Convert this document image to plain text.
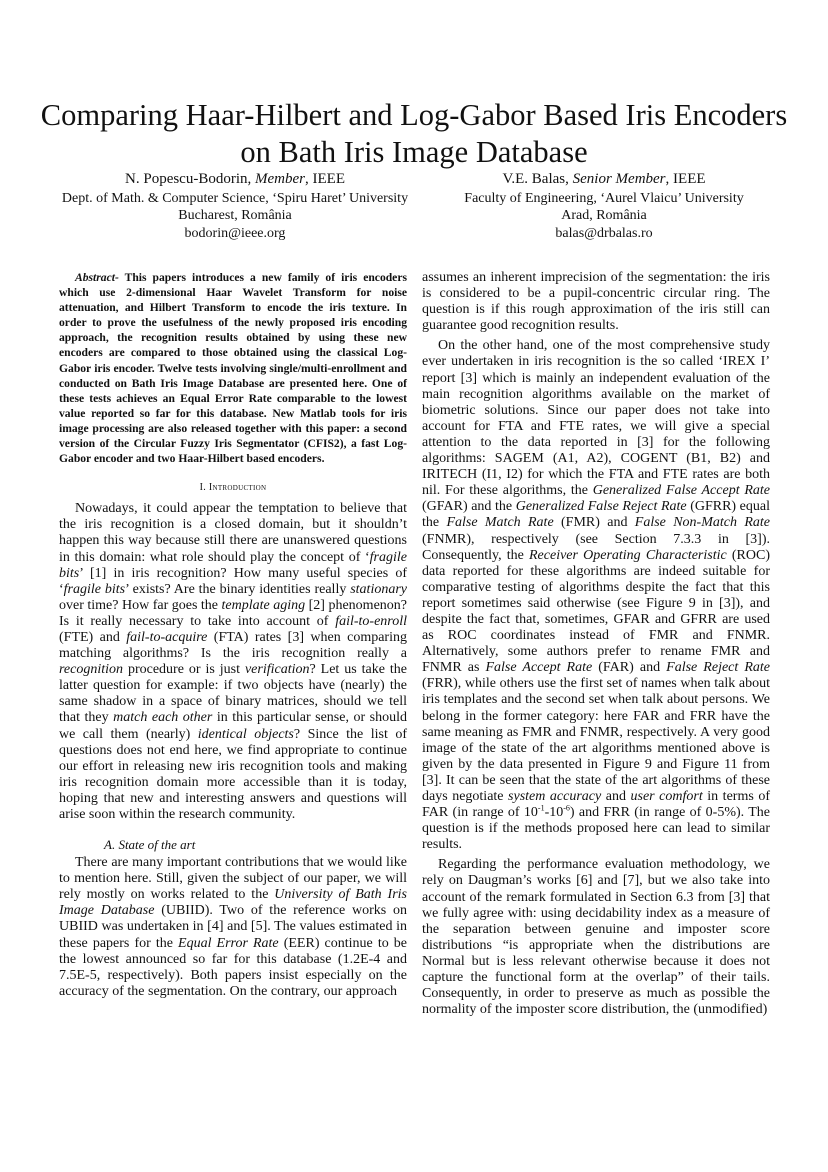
Comparing Haar-Hilbert and Log-Gabor Based Iris Encoders on Bath Iris Image Database
N. Popescu-Bodorin, Member, IEEE
Dept. of Math. & Computer Science, ‘Spiru Haret’ University
Bucharest, România
bodorin@ieee.org
V.E. Balas, Senior Member, IEEE
Faculty of Engineering, ‘Aurel Vlaicu’ University
Arad, România
balas@drbalas.ro

Abstract- This papers introduces a new family of iris encoders which use 2-dimensional Haar Wavelet Transform for noise attenuation, and Hilbert Transform to encode the iris texture. In order to prove the usefulness of the newly proposed iris encoding approach, the recognition results obtained by using these new encoders are compared to those obtained using the classical Log-Gabor iris encoder. Twelve tests involving single/multi-enrollment and conducted on Bath Iris Image Database are presented here. One of these tests achieves an Equal Error Rate comparable to the lowest value reported so far for this database. New Matlab tools for iris image processing are also released together with this paper: a second version of the Circular Fuzzy Iris Segmentator (CFIS2), a fast Log-Gabor encoder and two Haar-Hilbert based encoders.

I. Introduction

Nowadays, it could appear the temptation to believe that the iris recognition is a closed domain, but it shouldn’t happen this way because still there are unanswered questions in this domain: what role should play the concept of ‘fragile bits’ [1] in iris recognition? How many useful species of ‘fragile bits’ exists? Are the binary identities really stationary over time? How far goes the template aging [2] phenomenon? Is it really necessary to take into account of fail-to-enroll (FTE) and fail-to-acquire (FTA) rates [3] when comparing matching algorithms? Is the iris recognition really a recognition procedure or is just verification? Let us take the latter question for example: if two objects have (nearly) the same shadow in a space of binary matrices, should we tell that they match each other in this particular sense, or should we call them (nearly) identical objects? Since the list of questions does not end here, we find appropriate to continue our effort in releasing new iris recognition tools and making iris recognition domain more accessible than it is today, hoping that new and interesting answers and questions will arise soon within the research community.

A. State of the art

There are many important contributions that we would like to mention here. Still, given the subject of our paper, we will rely mostly on works related to the University of Bath Iris Image Database (UBIID). Two of the reference works on UBIID was undertaken in [4] and [5]. The values estimated in these papers for the Equal Error Rate (EER) continue to be the lowest announced so far for this database (1.2E-4 and 7.5E-5, respectively). Both papers insist especially on the accuracy of the segmentation. On the contrary, our approach

assumes an inherent imprecision of the segmentation: the iris is considered to be a pupil-concentric circular ring. The question is if this rough approximation of the iris still can guarantee good recognition results.

On the other hand, one of the most comprehensive study ever undertaken in iris recognition is the so called ‘IREX I’ report [3] which is mainly an independent evaluation of the main recognition algorithms available on the market of biometric solutions. Since our paper does not take into account for FTA and FTE rates, we will give a special attention to the data reported in [3] for the following algorithms: SAGEM (A1, A2), COGENT (B1, B2) and IRITECH (I1, I2) for which the FTA and FTE rates are both nil. For these algorithms, the Generalized False Accept Rate (GFAR) and the Generalized False Reject Rate (GFRR) equal the False Match Rate (FMR) and False Non-Match Rate (FNMR), respectively (see Section 7.3.3 in [3]). Consequently, the Receiver Operating Characteristic (ROC) data reported for these algorithms are indeed suitable for comparative testing of algorithms despite the fact that this report sometimes said otherwise (see Figure 9 in [3]), and despite the fact that, sometimes, GFAR and GFRR are used as ROC coordinates instead of FMR and FNMR. Alternatively, some authors prefer to rename FMR and FNMR as False Accept Rate (FAR) and False Reject Rate (FRR), while others use the first set of names when talk about iris templates and the second set when talk about persons. We belong in the former category: here FAR and FRR have the same meaning as FMR and FNMR, respectively. A very good image of the state of the art algorithms mentioned above is given by the data presented in Figure 9 and Figure 11 from [3]. It can be seen that the state of the art algorithms of these days negotiate system accuracy and user comfort in terms of FAR (in range of $10^{-1}-10^{-6}$) and FRR (in range of 0-5%). The question is if the methods proposed here can lead to similar results.

Regarding the performance evaluation methodology, we rely on Daugman’s works [6] and [7], but we also take into account of the remark formulated in Section 6.3 from [3] that we fully agree with: using decidability index as a measure of the separation between genuine and imposter score distributions “is appropriate when the distributions are Normal but is less relevant otherwise because it does not capture the functional form at the overlap” of their tails. Consequently, in order to preserve as much as possible the normality of the imposter score distribution, the (unmodified)
